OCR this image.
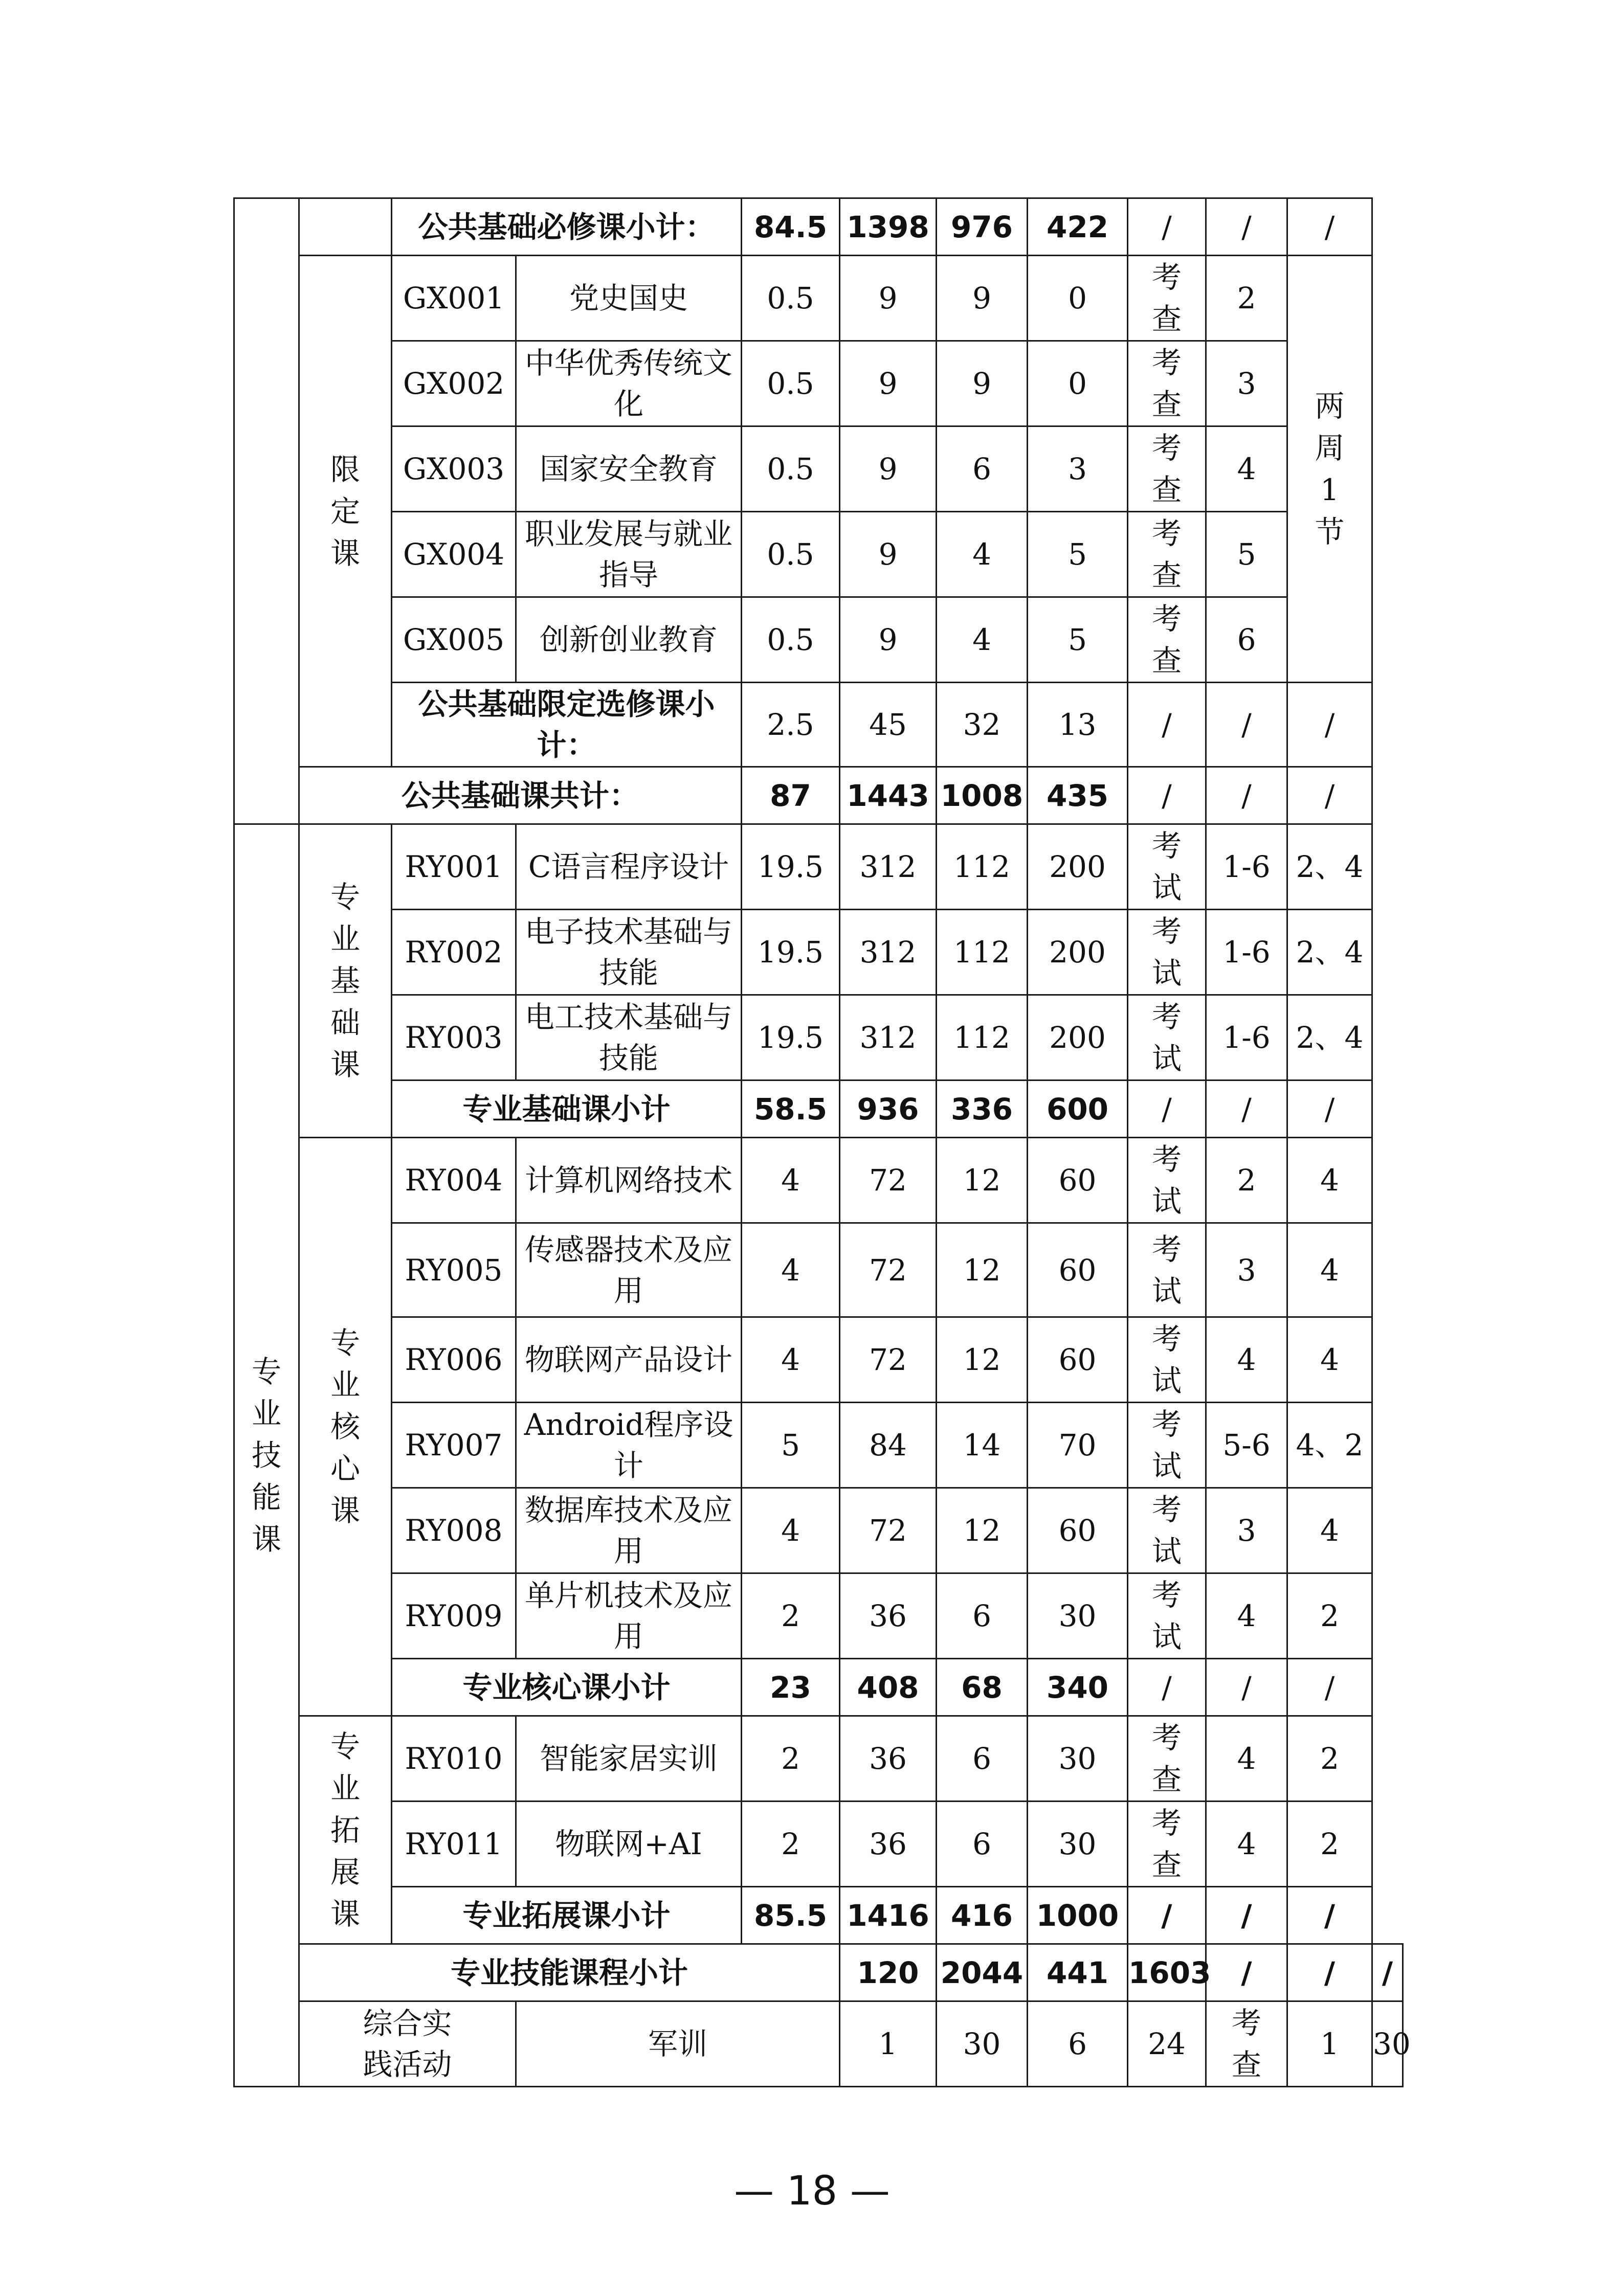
		公共基础必修课小计：		84.5	1398	976	422	/	/	/	
	限定课	GX001	党史国史	0.5	9	9	0	考查	2	两周1节	
		GX002	中华优秀传统文化	0.5	9	9	0	考查	3		
		GX003	国家安全教育	0.5	9	6	3	考查	4		
		GX004	职业发展与就业指导	0.5	9	4	5	考查	5		
		GX005	创新创业教育	0.5	9	4	5	考查	6		
		公共基础限定选修课小计：		2.5	45	32	13	/	/	/	
	公共基础课共计：			87	1443	1008	435	/	/	/	
专业技能课	专业基础课	RY001	C语言程序设计	19.5	312	112	200	考试	1-6	2、4	
		RY002	电子技术基础与技能	19.5	312	112	200	考试	1-6	2、4	
		RY003	电工技术基础与技能	19.5	312	112	200	考试	1-6	2、4	
		专业基础课小计		58.5	936	336	600	/	/	/	
	专业核心课	RY004	计算机网络技术	4	72	12	60	考试	2	4	
		RY005	传感器技术及应用	4	72	12	60	考试	3	4	
		RY006	物联网产品设计	4	72	12	60	考试	4	4	
		RY007	Android程序设计	5	84	14	70	考试	5-6	4、2	
		RY008	数据库技术及应用	4	72	12	60	考试	3	4	
		RY009	单片机技术及应用	2	36	6	30	考试	4	2	
		专业核心课小计		23	408	68	340	/	/	/	
	专业拓展课	RY010	智能家居实训	2	36	6	30	考查	4	2	
		RY011	物联网+AI	2	36	6	30	考查	4	2	
		专业拓展课小计		85.5	1416	416	1000	/	/	/	
	专业技能课程小计				120	2044	441	1603	/	/	/
	综合实践活动		军训		1	30	6	24	考查	1	30
— 18 —
